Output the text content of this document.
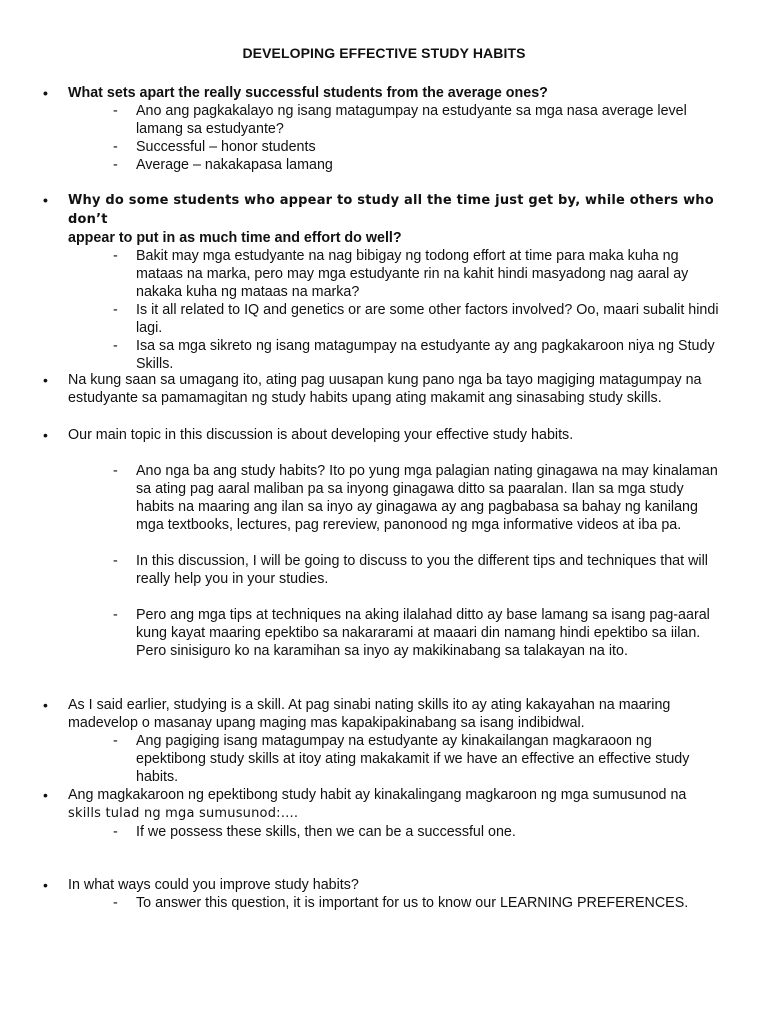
DEVELOPING EFFECTIVE STUDY HABITS
• What sets apart the really successful students from the average ones?
- Ano ang pagkakalayo ng isang matagumpay na estudyante sa mga nasa average level lamang sa estudyante?
- Successful – honor students
- Average – nakakapasa lamang
• Why do some students who appear to study all the time just get by, while others who don’t
appear to put in as much time and effort do well?
- Bakit may mga estudyante na nag bibigay ng todong effort at time para maka kuha ng mataas na marka, pero may mga estudyante rin na kahit hindi masyadong nag aaral ay nakaka kuha ng mataas na marka?
- Is it all related to IQ and genetics or are some other factors involved? Oo, maari subalit hindi lagi.
- Isa sa mga sikreto ng isang matagumpay na estudyante ay ang pagkakaroon niya ng Study Skills.
• Na kung saan sa umagang ito, ating pag uusapan kung pano nga ba tayo magiging matagumpay na estudyante sa pamamagitan ng study habits upang ating makamit ang sinasabing study skills.
• Our main topic in this discussion is about developing your effective study habits.
- Ano nga ba ang study habits? Ito po yung mga palagian nating ginagawa na may kinalaman sa ating pag aaral maliban pa sa inyong ginagawa ditto sa paaralan. Ilan sa mga study habits na maaring ang ilan sa inyo ay ginagawa ay ang pagbabasa sa bahay ng kanilang mga textbooks, lectures, pag rereview, panonood ng mga informative videos at iba pa.
- In this discussion, I will be going to discuss to you the different tips and techniques that will really help you in your studies.
- Pero ang mga tips at techniques na aking ilalahad ditto ay base lamang sa isang pag-aaral kung kayat maaring epektibo sa nakararami at maaari din namang hindi epektibo sa iilan. Pero sinisiguro ko na karamihan sa inyo ay makikinabang sa talakayan na ito.
• As I said earlier, studying is a skill. At pag sinabi nating skills ito ay ating kakayahan na maaring madevelop o masanay upang maging mas kapakipakinabang sa isang indibidwal.
- Ang pagiging isang matagumpay na estudyante ay kinakailangan magkaraoon ng epektibong study skills at itoy ating makakamit if we have an effective an effective study habits.
• Ang magkakaroon ng epektibong study habit ay kinakalingang magkaroon ng mga sumusunod na
skills tulad ng mga sumusunod:….
- If we possess these skills, then we can be a successful one.
• In what ways could you improve study habits?
- To answer this question, it is important for us to know our LEARNING PREFERENCES.
